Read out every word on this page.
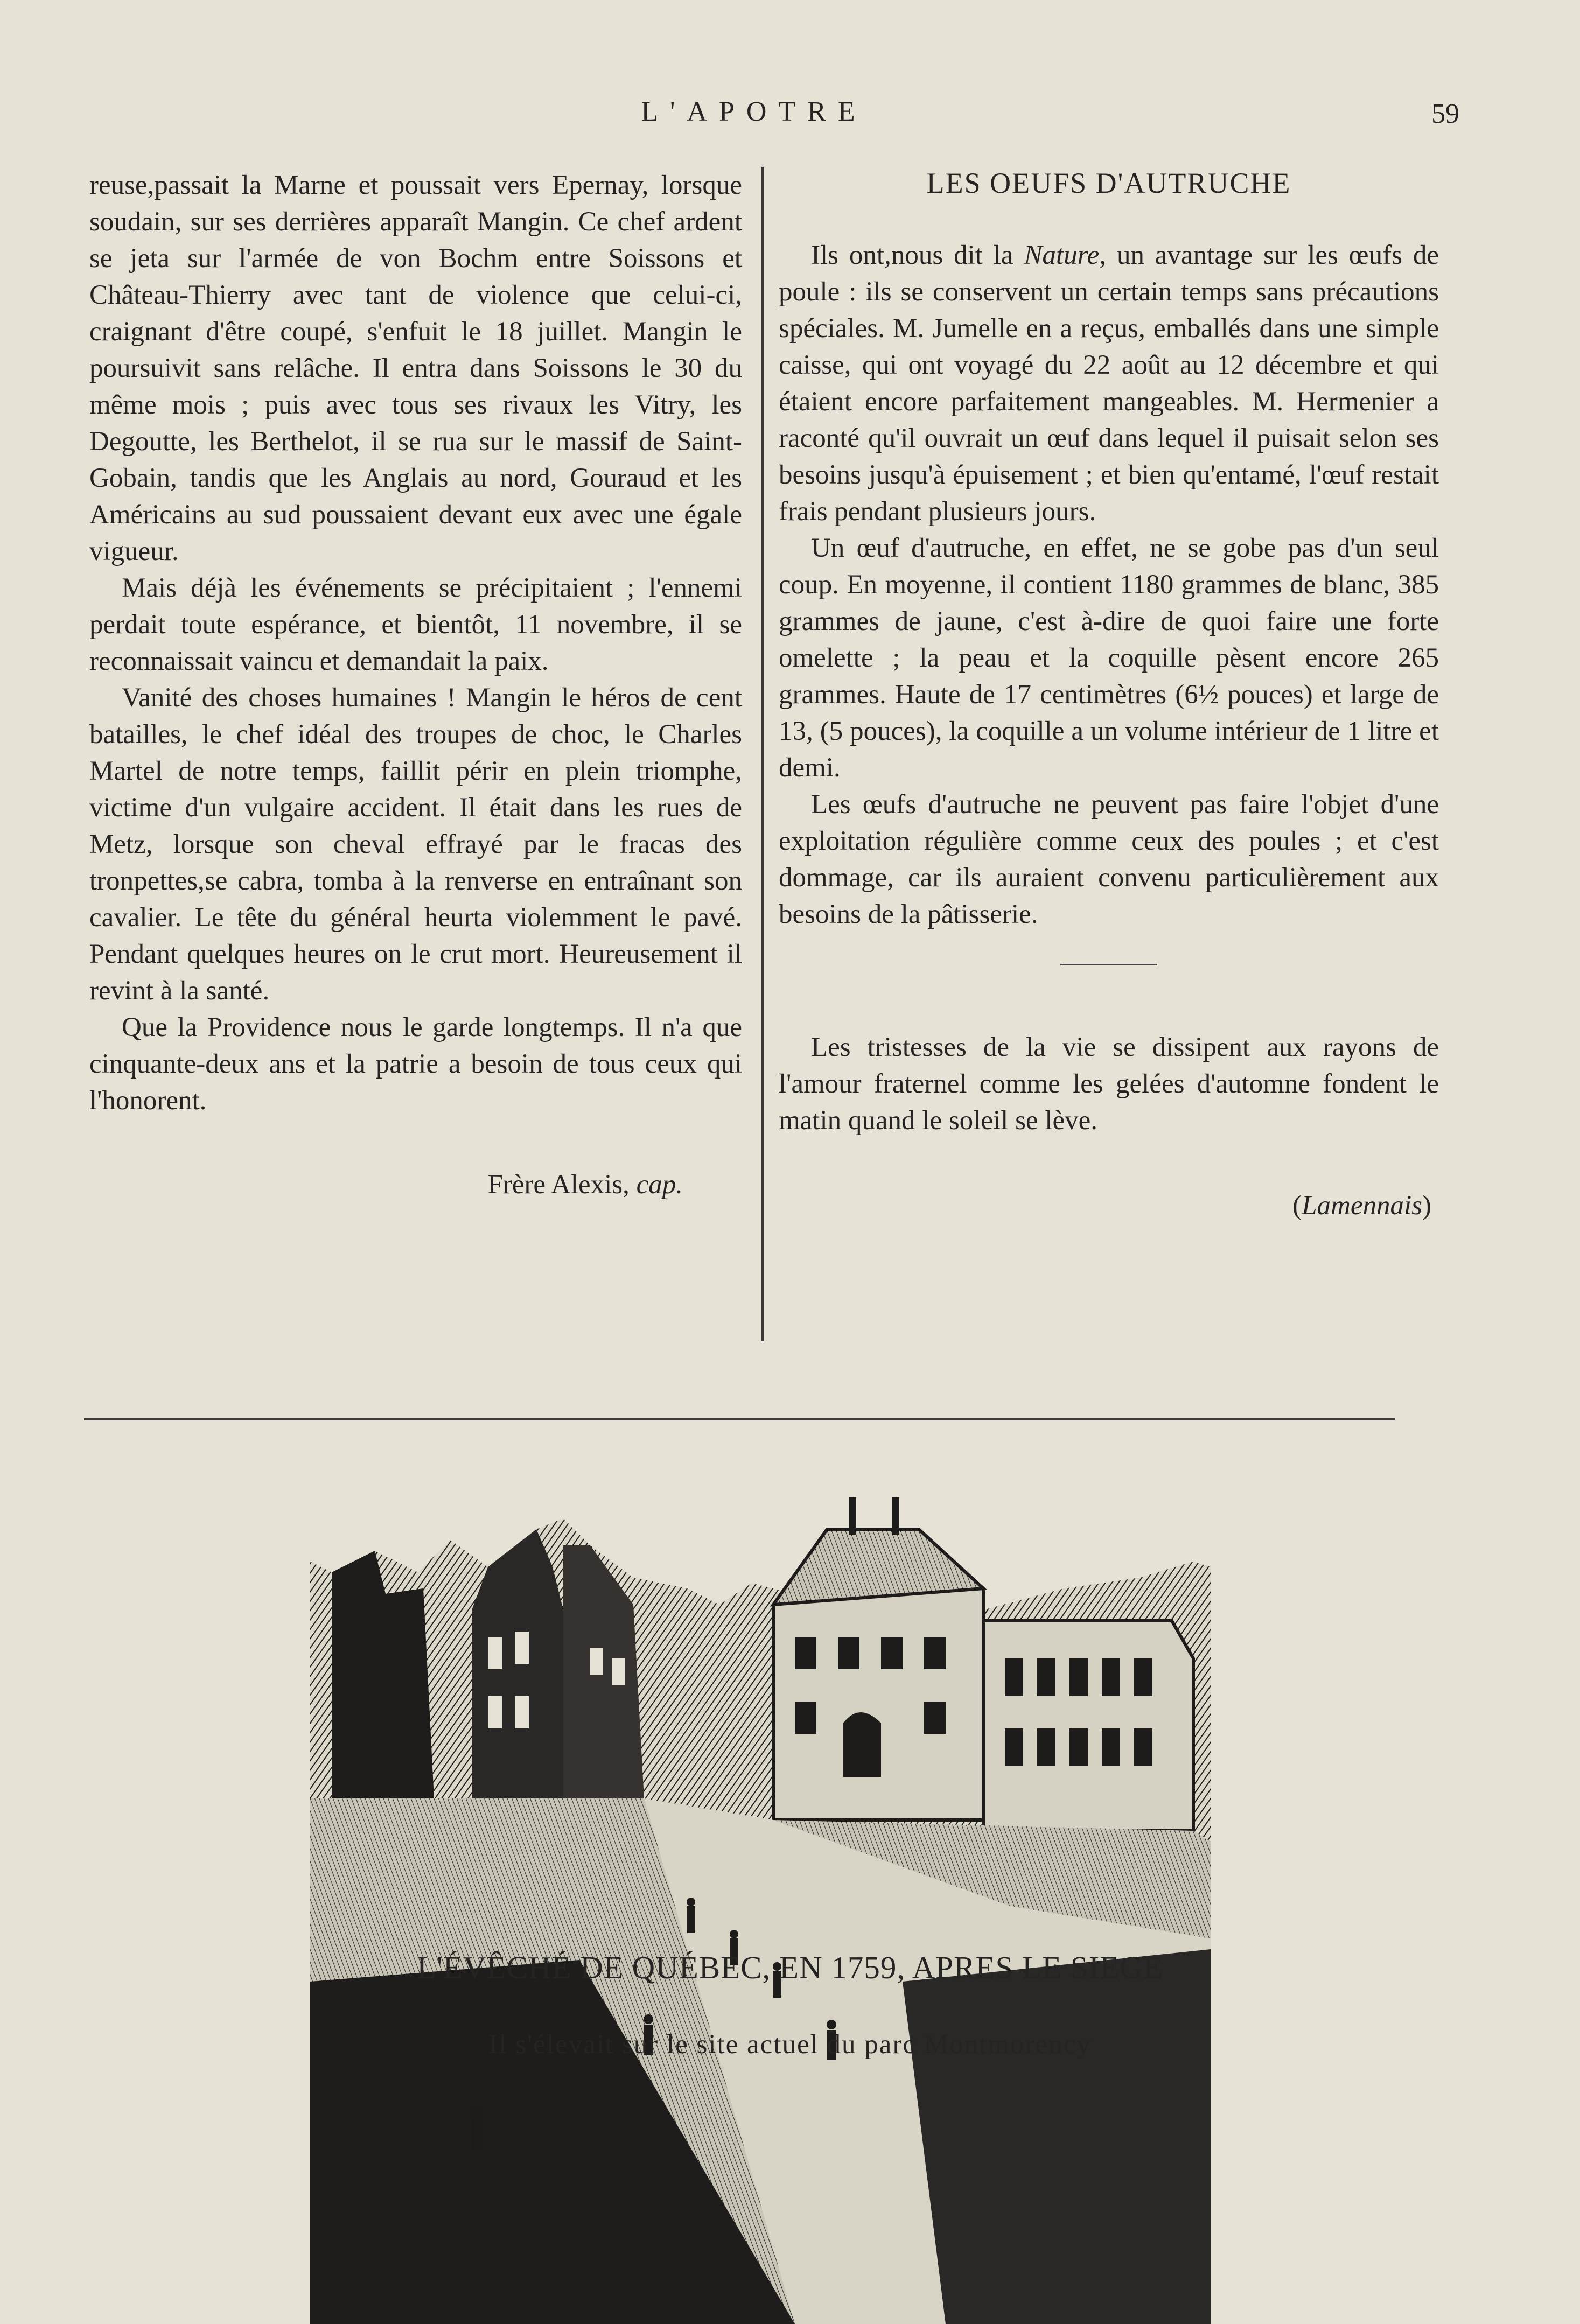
L'APOTRE	59

reuse,passait la Marne et poussait vers Epernay, lorsque soudain, sur ses derrières apparaît Mangin. Ce chef ardent se jeta sur l'armée de von Bochm entre Soissons et Château-Thierry avec tant de violence que celui-ci, craignant d'être coupé, s'enfuit le 18 juillet. Mangin le poursuivit sans relâche. Il entra dans Soissons le 30 du même mois ; puis avec tous ses rivaux les Vitry, les Degoutte, les Berthelot, il se rua sur le massif de Saint-Gobain, tandis que les Anglais au nord, Gouraud et les Américains au sud poussaient devant eux avec une égale vigueur.

Mais déjà les événements se précipitaient ; l'ennemi perdait toute espérance, et bientôt, 11 novembre, il se reconnaissait vaincu et demandait la paix.

Vanité des choses humaines ! Mangin le héros de cent batailles, le chef idéal des troupes de choc, le Charles Martel de notre temps, faillit périr en plein triomphe, victime d'un vulgaire accident. Il était dans les rues de Metz, lorsque son cheval effrayé par le fracas des tronpettes,se cabra, tomba à la renverse en entraînant son cavalier. Le tête du général heurta violemment le pavé. Pendant quelques heures on le crut mort. Heureusement il revint à la santé.

Que la Providence nous le garde longtemps. Il n'a que cinquante-deux ans et la patrie a besoin de tous ceux qui l'honorent.

Frère Alexis, cap.
LES OEUFS D'AUTRUCHE

Ils ont,nous dit la Nature, un avantage sur les œufs de poule : ils se conservent un certain temps sans précautions spéciales. M. Jumelle en a reçus, emballés dans une simple caisse, qui ont voyagé du 22 août au 12 décembre et qui étaient encore parfaitement mangeables. M. Hermenier a raconté qu'il ouvrait un œuf dans lequel il puisait selon ses besoins jusqu'à épuisement ; et bien qu'entamé, l'œuf restait frais pendant plusieurs jours.

Un œuf d'autruche, en effet, ne se gobe pas d'un seul coup. En moyenne, il contient 1180 grammes de blanc, 385 grammes de jaune, c'est à-dire de quoi faire une forte omelette ; la peau et la coquille pèsent encore 265 grammes. Haute de 17 centimètres (6½ pouces) et large de 13, (5 pouces), la coquille a un volume intérieur de 1 litre et demi.

Les œufs d'autruche ne peuvent pas faire l'objet d'une exploitation régulière comme ceux des poules ; et c'est dommage, car ils auraient convenu particulièrement aux besoins de la pâtisserie.

Les tristesses de la vie se dissipent aux rayons de l'amour fraternel comme les gelées d'automne fondent le matin quand le soleil se lève.

(Lamennais)
L'ÉVÊCHÉ DE QUÉBEC, EN 1759, APRES LE SIEGE
Il s'élevait sur le site actuel du parc Montmorency
